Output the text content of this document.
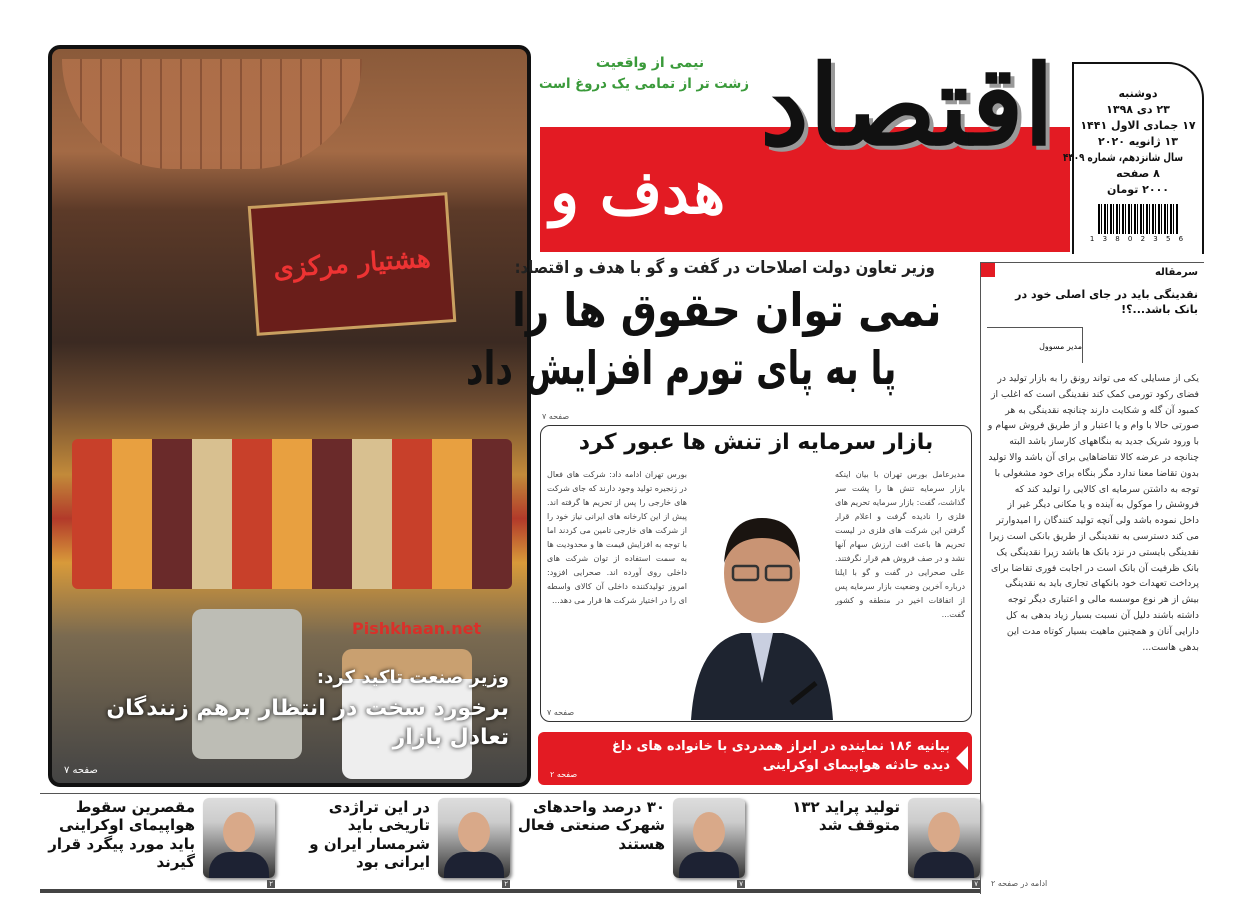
هشتیار مرکزی
Pishkhaan.net
وزیر صنعت تاکید کرد:
برخورد سخت در انتظار برهم زنندگان تعادل بازار
صفحه ۷
اقتصاد
هدف و
نیمی از واقعیت
زشت تر از تمامی یک دروغ است
دوشنبه
۲۳ دی ۱۳۹۸
۱۷ جمادی الاول ۱۴۴۱
۱۳ ژانویه ۲۰۲۰
سال شانزدهم، شماره ۴۴۰۹
۸ صفحه
۲۰۰۰ تومان
1 3 8 0 2 3 5 6
وزیر تعاون دولت اصلاحات در گفت و گو با هدف و اقتصاد:
نمی توان حقوق ها را
پا به پای تورم افزایش داد
صفحه ۷
بازار سرمایه از تنش ها عبور کرد
مدیرعامل بورس تهران با بیان اینکه بازار سرمایه تنش ها را پشت سر گذاشت، گفت: بازار سرمایه تحریم های فلزی را نادیده گرفت و اعلام قرار گرفتن این شرکت های فلزی در لیست تحریم ها باعث افت ارزش سهام آنها نشد و در صف فروش هم قرار نگرفتند. علی صحرایی در گفت و گو با ایلنا درباره آخرین وضعیت بازار سرمایه پس از اتفاقات اخیر در منطقه و کشور گفت...
بورس تهران ادامه داد: شرکت های فعال در زنجیره تولید وجود دارند که جای شرکت های خارجی را پس از تحریم ها گرفته اند. پیش از این کارخانه های ایرانی نیاز خود را از شرکت های خارجی تامین می کردند اما با توجه به افزایش قیمت ها و محدودیت ها به سمت استفاده از توان شرکت های داخلی روی آورده اند. صحرایی افزود: امروز تولیدکننده داخلی آن کالای واسطه ای را در اختیار شرکت ها قرار می دهد...
صفحه ۷
بیانیه ۱۸۶ نماینده در ابراز همدردی با خانواده های داغ دیده حادثه هواپیمای اوکراینی
صفحه ۲
سرمقاله
نقدینگی باید در جای اصلی خود در بانک باشد...؟!
مدیر مسوول
یکی از مسایلی که می تواند رونق را به بازار تولید در فضای رکود تورمی کمک کند نقدینگی است که اغلب از کمبود آن گله و شکایت دارند چنانچه نقدینگی به هر صورتی حالا با وام و یا اعتبار و از طریق فروش سهام و با ورود شریک جدید به بنگاههای کارساز باشد البته چنانچه در عرضه کالا تقاضاهایی برای آن باشد والا تولید بدون تقاضا معنا ندارد مگر بنگاه برای خود مشغولی با توجه به داشتن سرمایه ای کالایی را تولید کند که فروشش را موکول به آینده و یا مکانی دیگر غیر از داخل نموده باشد ولی آنچه تولید کنندگان را امیدوارتر می کند دسترسی به نقدینگی از طریق بانکی است زیرا نقدینگی بایستی در نزد بانک ها باشد زیرا نقدینگی یک بانک ظرفیت آن بانک است در اجابت فوری تقاضا برای پرداخت تعهدات خود بانکهای تجاری باید به نقدینگی بیش از هر نوع موسسه مالی و اعتباری دیگر توجه داشته باشند دلیل آن نسبت بسیار زیاد بدهی به کل دارایی آنان و همچنین ماهیت بسیار کوتاه مدت این بدهی هاست...
ادامه در صفحه ۲
تولید پراید ۱۳۲ متوقف شد
۷
۳۰ درصد واحدهای شهرک صنعتی فعال هستند
۷
در این تراژدی تاریخی باید شرمسار ایران و ایرانی بود
۲
مقصرین سقوط هواپیمای اوکراینی باید مورد پیگرد قرار گیرند
۲
